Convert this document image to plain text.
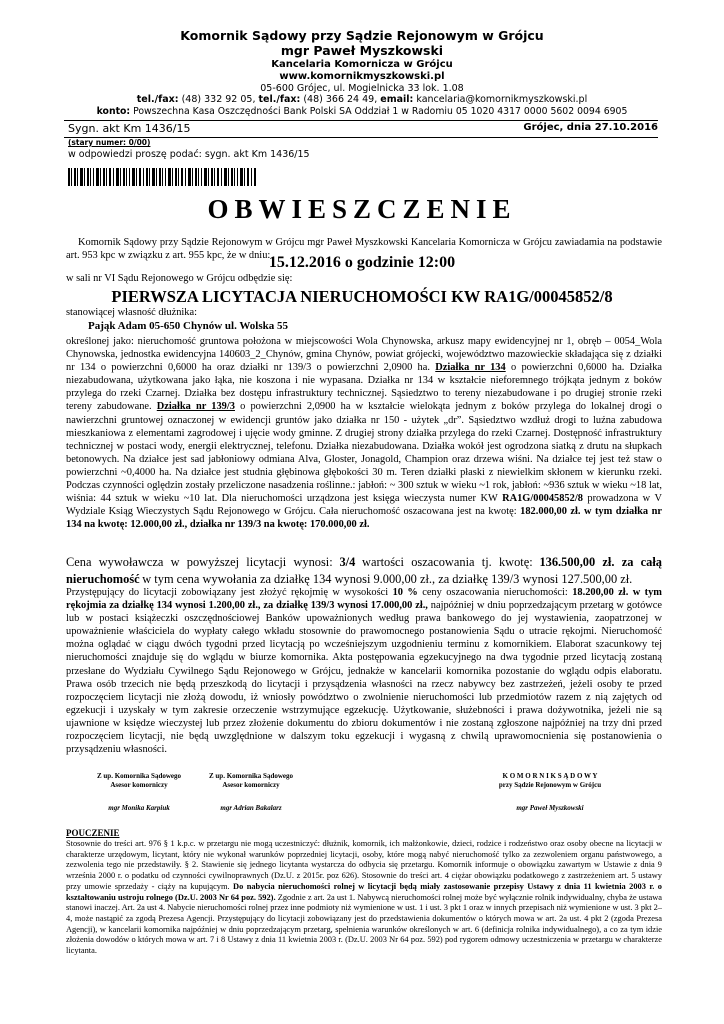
Komornik Sądowy przy Sądzie Rejonowym w Grójcu
mgr Paweł Myszkowski
Kancelaria Komornicza w Grójcu
www.komornikmyszkowski.pl
05-600 Grójec, ul. Mogielnicka 33 lok. 1.08
tel./fax: (48) 332 92 05, tel./fax: (48) 366 24 49, email: kancelaria@komornikmyszkowski.pl
konto: Powszechna Kasa Oszczędności Bank Polski SA Oddział 1 w Radomiu 05 1020 4317 0000 5602 0094 6905
Sygn. akt Km 1436/15	Grójec, dnia 27.10.2016
(stary numer: 0/00)
w odpowiedzi proszę podać: sygn. akt Km 1436/15
OBWIESZCZENIE
Komornik Sądowy przy Sądzie Rejonowym w Grójcu mgr Paweł Myszkowski Kancelaria Komornicza w Grójcu zawiadamia na podstawie art. 953 kpc w związku z art. 955 kpc, że w dniu:
15.12.2016 o godzinie 12:00
w sali nr VI Sądu Rejonowego w Grójcu odbędzie się:
PIERWSZA LICYTACJA NIERUCHOMOŚCI KW RA1G/00045852/8
stanowiącej własność dłużnika:
Pająk Adam 05-650 Chynów ul. Wolska 55
określonej jako: nieruchomość gruntowa położona w miejscowości Wola Chynowska, arkusz mapy ewidencyjnej nr 1, obręb – 0054_Wola Chynowska, jednostka ewidencyjna 140603_2_Chynów, gmina Chynów, powiat grójecki, województwo mazowieckie składająca się z działki nr 134 o powierzchni 0,6000 ha oraz działki nr 139/3 o powierzchni 2,0900 ha. Działka nr 134 o powierzchni 0,6000 ha. Działka niezabudowana, użytkowana jako łąka, nie koszona i nie wypasana. Działka nr 134 w kształcie nieforemnego trójkąta jednym z boków przylega do rzeki Czarnej. Działka bez dostępu infrastruktury technicznej. Sąsiedztwo to tereny niezabudowane i po drugiej stronie rzeki tereny zabudowane. Działka nr 139/3 o powierzchni 2,0900 ha w kształcie wielokąta jednym z boków przylega do lokalnej drogi o nawierzchni gruntowej oznaczonej w ewidencji gruntów jako działka nr 150 - użytek „dr”. Sąsiedztwo wzdłuż drogi to luźna zabudowa mieszkaniowa z elementami zagrodowej i ujęcie wody gminne. Z drugiej strony działka przylega do rzeki Czarnej. Dostępność infrastruktury technicznej w postaci wody, energii elektrycznej, telefonu. Działka niezabudowana. Działka wokół jest ogrodzona siatką z drutu na słupkach betonowych. Na działce jest sad jabłoniowy odmiana Alva, Gloster, Jonagold, Champion oraz drzewa wiśni. Na działce tej jest też staw o powierzchni ~0,4000 ha. Na działce jest studnia głębinowa głębokości 30 m. Teren działki płaski z niewielkim skłonem w kierunku rzeki. Podczas czynności oględzin zostały przeliczone nasadzenia roślinne.: jabłoń: ~ 300 sztuk w wieku ~1 rok, jabłoń: ~936 sztuk w wieku ~18 lat, wiśnia: 44 sztuk w wieku ~10 lat. Dla nieruchomości urządzona jest księga wieczysta numer KW RA1G/00045852/8 prowadzona w V Wydziale Ksiąg Wieczystych Sądu Rejonowego w Grójcu. Cała nieruchomość oszacowana jest na kwotę: 182.000,00 zł. w tym działka nr 134 na kwotę: 12.000,00 zł., działka nr 139/3 na kwotę: 170.000,00 zł.
Cena wywoławcza w powyższej licytacji wynosi: 3/4 wartości oszacowania tj. kwotę: 136.500,00 zł. za całą nieruchomość w tym cena wywołania za działkę 134 wynosi 9.000,00 zł., za działkę 139/3 wynosi 127.500,00 zł.
Przystępujący do licytacji zobowiązany jest złożyć rękojmię w wysokości 10 % ceny oszacowania nieruchomości: 18.200,00 zł. w tym rękojmia za działkę 134 wynosi 1.200,00 zł., za działkę 139/3 wynosi 17.000,00 zł., najpóźniej w dniu poprzedzającym przetarg w gotówce lub w postaci książeczki oszczędnościowej Banków upoważnionych według prawa bankowego do jej wystawienia, zaopatrzonej w upoważnienie właściciela do wypłaty całego wkładu stosownie do prawomocnego postanowienia Sądu o utracie rękojmi. Nieruchomość można oglądać w ciągu dwóch tygodni przed licytacją po wcześniejszym uzgodnieniu terminu z komornikiem. Elaborat szacunkowy tej nieruchomości znajduje się do wglądu w biurze komornika. Akta postępowania egzekucyjnego na dwa tygodnie przed licytacją zostaną przesłane do Wydziału Cywilnego Sądu Rejonowego w Grójcu, jednakże w kancelarii komornika pozostanie do wglądu odpis elaboratu. Prawa osób trzecich nie będą przeszkodą do licytacji i przysądzenia własności na rzecz nabywcy bez zastrzeżeń, jeżeli osoby te przed rozpoczęciem licytacji nie złożą dowodu, iż wniosły powództwo o zwolnienie nieruchomości lub przedmiotów razem z nią zajętych od egzekucji i uzyskały w tym zakresie orzeczenie wstrzymujące egzekucję. Użytkowanie, służebności i prawa dożywotnika, jeżeli nie są ujawnione w księdze wieczystej lub przez złożenie dokumentu do zbioru dokumentów i nie zostaną zgłoszone najpóźniej na trzy dni przed rozpoczęciem licytacji, nie będą uwzględnione w dalszym toku egzekucji i wygasną z chwilą uprawomocnienia się postanowienia o przysądzeniu własności.
Z up. Komornika Sądowego
Asesor komorniczy
mgr Monika Karpiuk
Z up. Komornika Sądowego
Asesor komorniczy
mgr Adrian Bakalarz
K O M O R N I K S Ą D O W Y
przy Sądzie Rejonowym w Grójcu
mgr Paweł Myszkowski
POUCZENIE
Stosownie do treści art. 976 § 1 k.p.c. w przetargu nie mogą uczestniczyć: dłużnik, komornik, ich małżonkowie, dzieci, rodzice i rodzeństwo oraz osoby obecne na licytacji w charakterze urzędowym, licytant, który nie wykonał warunków poprzedniej licytacji, osoby, które mogą nabyć nieruchomość tylko za zezwoleniem organu państwowego, a zezwolenia tego nie przedstawiły. § 2. Stawienie się jednego licytanta wystarcza do odbycia się przetargu. Komornik informuje o obowiązku zawartym w Ustawie z dnia 9 września 2000 r. o podatku od czynności cywilnoprawnych (Dz.U. z 2015r. poz 626). Stosownie do treści art. 4 ciężar obowiązku podatkowego z zastrzeżeniem art. 5 ustawy przy umowie sprzedaży - ciąży na kupującym. Do nabycia nieruchomości rolnej w licytacji będą miały zastosowanie przepisy Ustawy z dnia 11 kwietnia 2003 r. o kształtowaniu ustroju rolnego (Dz.U. 2003 Nr 64 poz. 592). Zgodnie z art. 2a ust 1. Nabywcą nieruchomości rolnej może być wyłącznie rolnik indywidualny, chyba że ustawa stanowi inaczej. Art. 2a ust 4. Nabycie nieruchomości rolnej przez inne podmioty niż wymienione w ust. 1 i ust. 3 pkt 1 oraz w innych przepisach niż wymienione w ust. 3 pkt 2–4, może nastąpić za zgodą Prezesa Agencji. Przystępujący do licytacji zobowiązany jest do przedstawienia dokumentów o których mowa w art. 2a ust. 4 pkt 2 (zgoda Prezesa Agencji), w kancelarii komornika najpóźniej w dniu poprzedzającym przetarg, spełnienia warunków określonych w art. 6 (definicja rolnika indywidualnego), a co za tym idzie złożenia dowodów o których mowa w art. 7 i 8 Ustawy z dnia 11 kwietnia 2003 r. (Dz.U. 2003 Nr 64 poz. 592) pod rygorem odmowy uczestniczenia w przetargu w charakterze licytanta.
